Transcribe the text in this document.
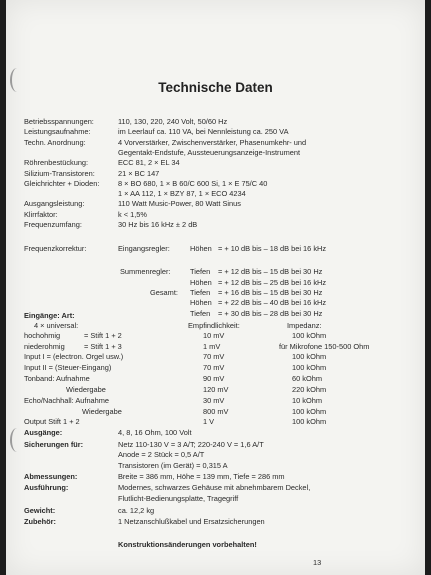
Technische Daten
Betriebsspannungen:	110, 130, 220, 240 Volt, 50/60 Hz
Leistungsaufnahme:	im Leerlauf ca. 110 VA, bei Nennleistung ca. 250 VA
Techn. Anordnung:	4 Vorverstärker, Zwischenverstärker, Phasenumkehr- und
Gegentakt-Endstufe, Aussteuerungsanzeige-Instrument
Röhrenbestückung:	ECC 81, 2 × EL 34
Silizium-Transistoren:	21 × BC 147
Gleichrichter + Dioden:	8 × BO 680, 1 × B 60/C 600 Si, 1 × E 75/C 40
1 × AA 112, 1 × BZY 87, 1 × ECO 4234
Ausgangsleistung:	110 Watt Music-Power, 80 Watt Sinus
Klirrfaktor:	k < 1,5%
Frequenzumfang:	30 Hz bis 16 kHz ± 2 dB
Frequenzkorrektur:	Eingangsregler:	Höhen = + 10 dB bis – 18 dB bei 16 kHz
Summenregler:	Tiefen = + 12 dB bis – 15 dB bei 30 Hz
Höhen = + 12 dB bis – 25 dB bei 16 kHz
Gesamt: Tiefen = + 16 dB bis – 15 dB bei 30 Hz
Höhen = + 22 dB bis – 40 dB bei 16 kHz
Tiefen = + 30 dB bis – 28 dB bei 30 Hz
Eingänge: Art:
Empfindlichkeit:	Impedanz:
4 × universal:
hochohmig	= Stift 1 + 2	10 mV	100 kOhm
niederohmig	= Stift 1 + 3	1 mV	für Mikrofone 150-500 Ohm
Input I = (electron. Orgel usw.)	70 mV	100 kOhm
Input II = (Steuer-Eingang)	70 mV	100 kOhm
Tonband: Aufnahme	90 mV	60 kOhm
Wiedergabe	120 mV	220 kOhm
Echo/Nachhall: Aufnahme	30 mV	10 kOhm
Wiedergabe	800 mV	100 kOhm
Output Stift 1 + 2	1 V	100 kOhm
Ausgänge:	4, 8, 16 Ohm, 100 Volt
Sicherungen für:	Netz 110-130 V = 3 A/T; 220-240 V = 1,6 A/T
Anode = 2 Stück = 0,5 A/T
Transistoren (im Gerät) = 0,315 A
Abmessungen:	Breite = 386 mm, Höhe = 139 mm, Tiefe = 286 mm
Ausführung:	Modernes, schwarzes Gehäuse mit abnehmbarem Deckel,
Flutlicht-Bedienungsplatte, Tragegriff
Gewicht:	ca. 12,2 kg
Zubehör:	1 Netzanschlußkabel und Ersatzsicherungen
Konstruktionsänderungen vorbehalten!
13
